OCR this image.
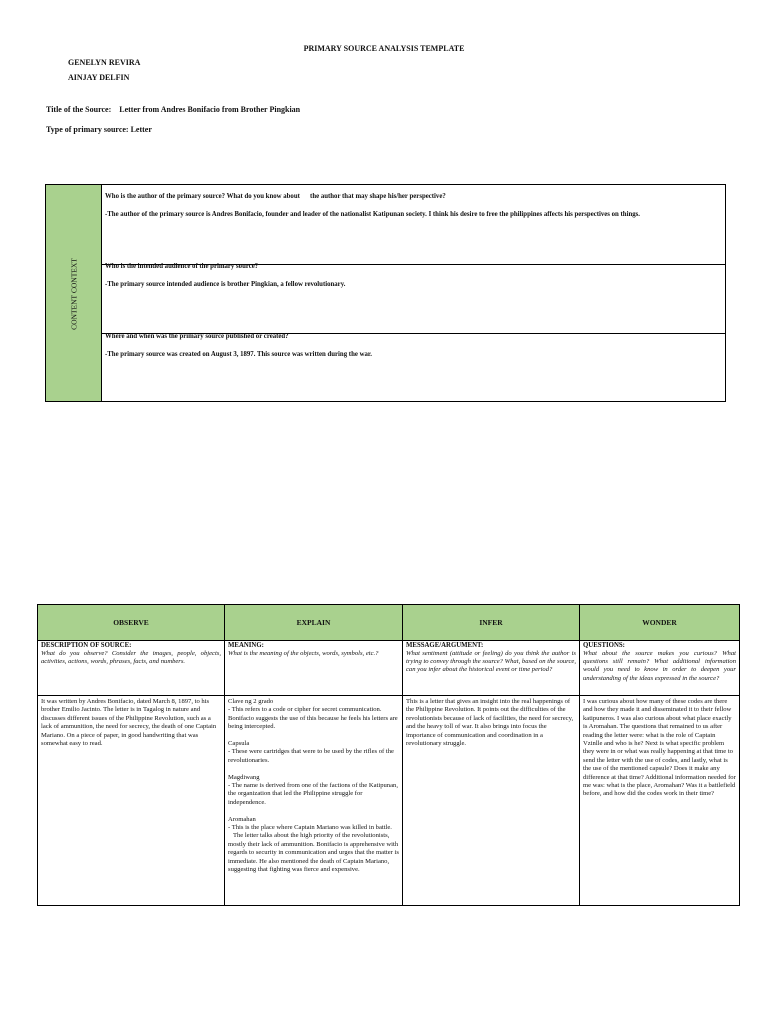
PRIMARY SOURCE ANALYSIS TEMPLATE
GENELYN REVIRA
AINJAY DELFIN
Title of the Source:    Letter from Andres Bonifacio from Brother Pingkian
Type of primary source: Letter
CONTENT CONTEXT
Who is the author of the primary source? What do you know about      the author that may shape his/her perspective?
-The author of the primary source is Andres Bonifacio, founder and leader of the nationalist Katipunan society. I think his desire to free the philippines affects his perspectives on things.
Who is the intended audience of the primary source?
-The primary source intended audience is brother Pingkian, a fellow revolutionary.
Where and when was the primary source published or created?
-The primary source was created on August 3, 1897. This source was written during the war.
OBSERVE
DESCRIPTION OF SOURCE:
What do you observe? Consider the images, people, objects, activities, actions, words, phrases, facts, and numbers.

It was written by Andres Bonifacio, dated March 8, 1897, to his brother Emilio Jacinto. The letter is in Tagalog in nature and discusses different issues of the Philippine Revolution, such as a lack of ammunition, the need for secrecy, the death of one Captain Mariano. On a piece of paper, in good handwriting that was somewhat easy to read.

EXPLAIN
MEANING:
What is the meaning of the objects, words, symbols, etc.?

Clave ng 2 grado

- This refers to a code or cipher for secret communication. Bonifacio suggests the use of this because he feels his letters are being intercepted.

Capsula

- These were cartridges that were to be used by the rifles of the revolutionaries.

Magdiwang

- The name is derived from one of the factions of the Katipunan, the organization that led the Philippine struggle for independence.

Aromahan

- This is the place where Captain Mariano was killed in battle.

The letter talks about the high priority of the revolutionists, mostly their lack of ammunition. Bonifacio is apprehensive with regards to security in communication and urges that the matter is immediate. He also mentioned the death of Captain Mariano, suggesting that fighting was fierce and expensive.

INFER
MESSAGE/ARGUMENT:
What sentiment (attitude or feeling) do you think the author is trying to convey through the source? What, based on the source, can you infer about the historical event or time period?

This is a letter that gives an insight into the real happenings of the Philippine Revolution. It points out the difficulties of the revolutionists because of lack of facilities, the need for secrecy, and the heavy toll of war. It also brings into focus the importance of communication and coordination in a revolutionary struggle.

WONDER
QUESTIONS:
What about the source makes you curious? What questions still remain? What additional information would you need to know in order to deepen your understanding of the ideas expressed in the source?

I was curious about how many of these codes are there and how they made it and disseminated it to their fellow katipuneros. I was also curious about what place exactly is Aromahan. The questions that remained to us after reading the letter were: what is the role of Captain Vzinlle and who is he? Next is what specific problem they were in or what was really happening at that time to send the letter with the use of codes, and lastly, what is the use of the mentioned capsule? Does it make any difference at that time? Additional information needed for me was: what is the place, Aromahan? Was it a battlefield before, and how did the codes work in their time?
